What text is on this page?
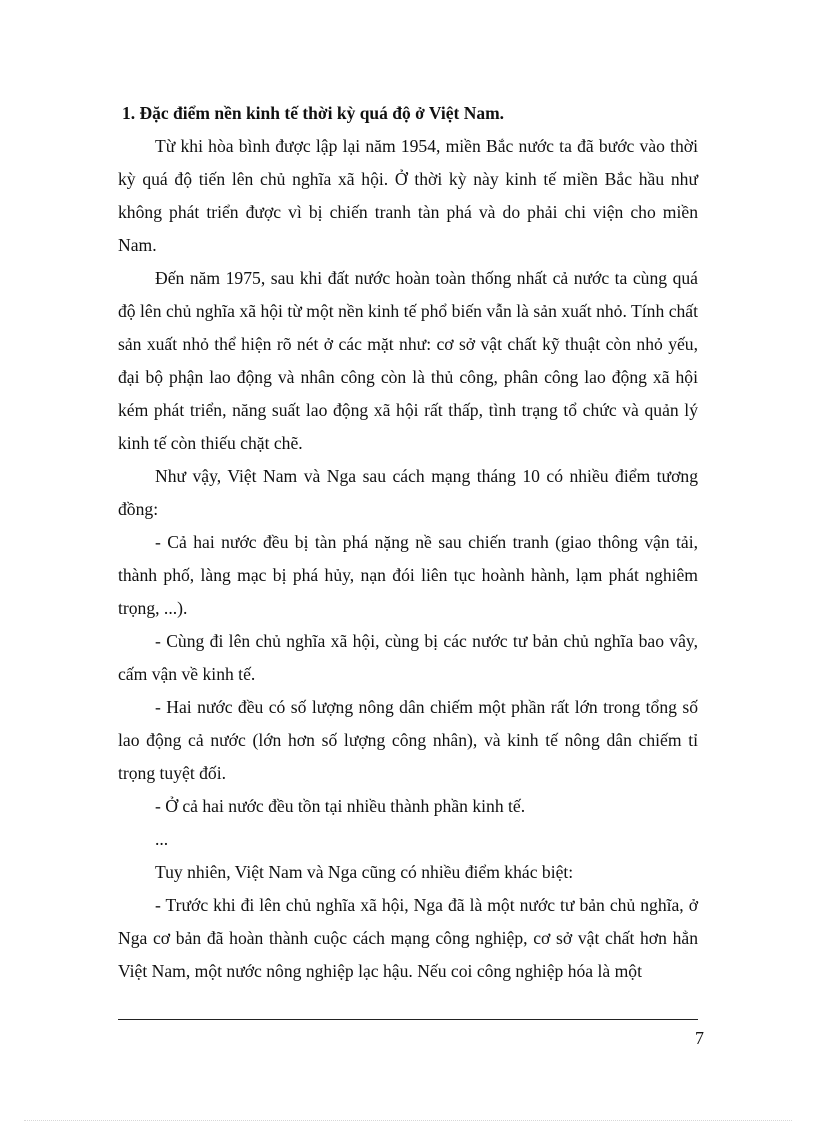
1. Đặc điểm nền kinh tế thời kỳ quá độ ở Việt Nam.

Từ khi hòa bình được lập lại năm 1954, miền Bắc nước ta đã bước vào thời kỳ quá độ tiến lên chủ nghĩa xã hội. Ở thời kỳ này kinh tế miền Bắc hầu như không phát triển được vì bị chiến tranh tàn phá và do phải chi viện cho miền Nam.

Đến năm 1975, sau khi đất nước hoàn toàn thống nhất cả nước ta cùng quá độ lên chủ nghĩa xã hội từ một nền kinh tế phổ biến vẫn là sản xuất nhỏ. Tính chất sản xuất nhỏ thể hiện rõ nét ở các mặt như: cơ sở vật chất kỹ thuật còn nhỏ yếu, đại bộ phận lao động và nhân công còn là thủ công, phân công lao động xã hội kém phát triển, năng suất lao động xã hội rất thấp, tình trạng tổ chức và quản lý kinh tế còn thiếu chặt chẽ.

Như vậy, Việt Nam và Nga sau cách mạng tháng 10 có nhiều điểm tương đồng:

- Cả hai nước đều bị tàn phá nặng nề sau chiến tranh (giao thông vận tải, thành phố, làng mạc bị phá hủy, nạn đói liên tục hoành hành, lạm phát nghiêm trọng, ...).

- Cùng đi lên chủ nghĩa xã hội, cùng bị các nước tư bản chủ nghĩa bao vây, cấm vận về kinh tế.

- Hai nước đều có số lượng nông dân chiếm một phần rất lớn trong tổng số lao động cả nước (lớn hơn số lượng công nhân), và kinh tế nông dân chiếm tỉ trọng tuyệt đối.

- Ở cả hai nước đều tồn tại nhiều thành phần kinh tế.

...

Tuy nhiên, Việt Nam và Nga cũng có nhiều điểm khác biệt:

- Trước khi đi lên chủ nghĩa xã hội, Nga đã là một nước tư bản chủ nghĩa, ở Nga cơ bản đã hoàn thành cuộc cách mạng công nghiệp, cơ sở vật chất hơn hẳn Việt Nam, một nước nông nghiệp lạc hậu. Nếu coi công nghiệp hóa là một

7
